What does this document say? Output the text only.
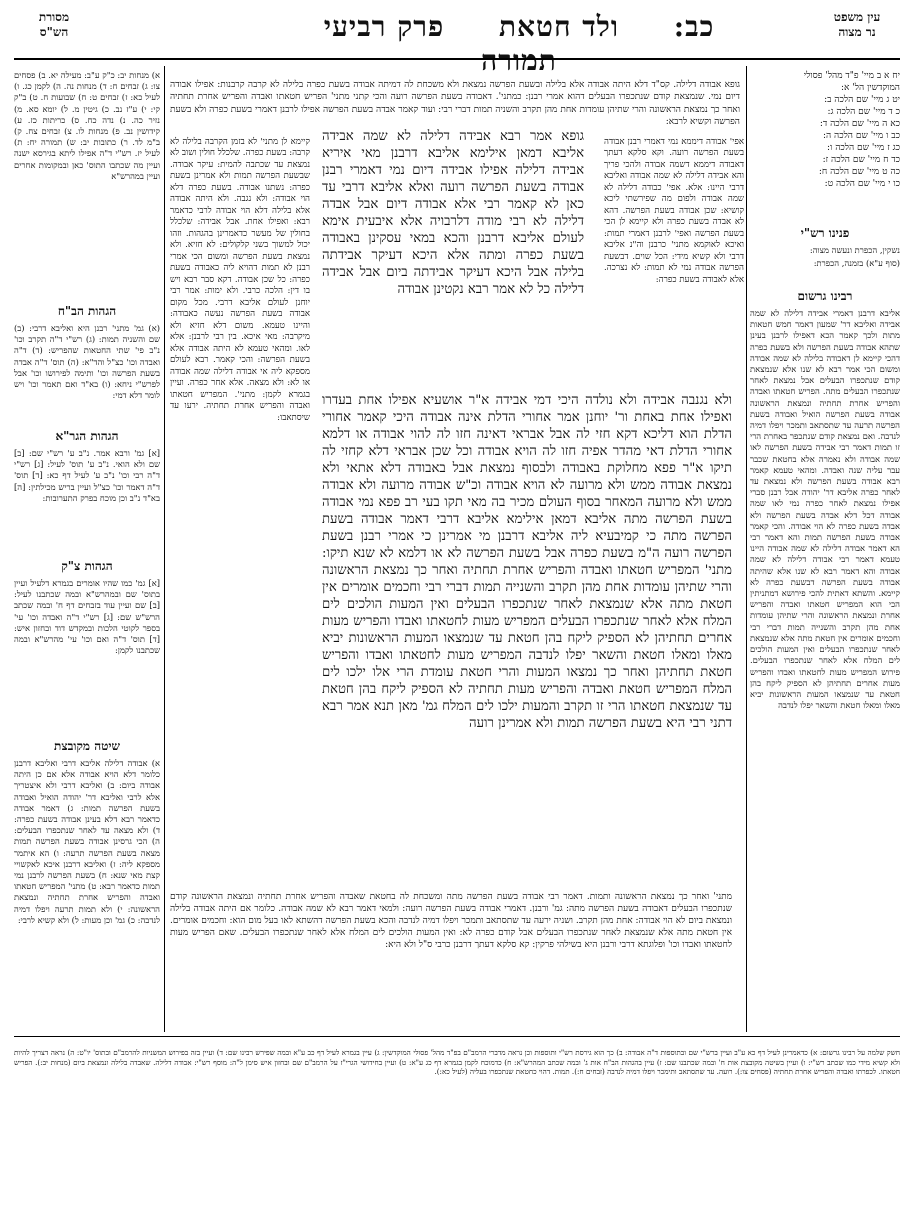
עין משפט
נר מצוה
כב: ולד חטאת פרק רביעי תמורה
מסורת
הש"ס
יח א ב מיי' פ"ד מהל' פסולי
המוקדשין הל' א:
יט ג מיי' שם הלכה ב:
כ ד מיי' שם הלכה ג:
כא ה מיי' שם הלכה ד:
כב ו מיי' שם הלכה ה:
כג ז מיי' שם הלכה ו:
כד ח מיי' שם הלכה ז:
כה ט מיי' שם הלכה ח:
כו י מיי' שם הלכה ט:
פנינו רש"י

נשקין, הכפרת ונעשה מצוה:

(סוף ע"א) בזמנה, הכפרת:

רבינו גרשום

אליבא דרבנן דאמרי אבידה דלילה לא שמה אבידה ואליבא דר' שמעון דאמר חמש חטאות מתות ולכך קאמר הכא דאפילו לרבנן בעינן שתהא אבודה בשעת הפרשה ולא בשעת כפרה דהכי קיימא לן דאבודה בלילה לא שמה אבודה ומשום הכי אמר רבא לא שנו אלא שנמצאת קודם שנתכפרו הבעלים אבל נמצאת לאחר שנתכפרו הבעלים מתה. הפריש חטאתו ואבדה והפריש אחרת תחתיה ונמצאת הראשונה אבודה בשעת הפרשה הואיל ואבודה בשעת הפרשה תרעה עד שתסתאב ותמכר ויפלו דמיה לנדבה. ואם נמצאת קודם שנתכפר באחרת הרי זו תמות דאמר רבי אבידה בשעת הפרשה לאו שמה אבודה ולא נאמרה אלא בחטאת שכבר עבר עליה שנה ואבדה. ומהאי טעמא קאמר רבא אבודה בשעת הפרשה ולא נמצאת עד לאחר כפרה אליבא דר' יהודה אבל רבנן סברי אפילו נמצאת לאחר כפרה נמי לאו שמה אבודה דכל דלא אבדה בשעת הפרשה ולא אבדה בשעת כפרה לא הוי אבודה. והכי קאמר אבודה בשעת הפרשה תמות והא דאמר רבי הא דאמר אבודה דלילה לא שמה אבודה היינו טעמא דאמר רבי אבודה דלילה לא שמה אבודה והא דאמר רבא לא שנו אלא שהיתה אבודה בשעת הפרשה דבשעת כפרה לא קיימא. והשתא דאתית להכי פירושא דמתניתין הכי הוא המפריש חטאתו ואבדה והפריש אחרת ונמצאת הראשונה והרי שתיהן עומדות אחת מהן תקרב והשנייה תמות דברי רבי וחכמים אומרים אין חטאת מתה אלא שנמצאת לאחר שנתכפרו הבעלים ואין המעות הולכים לים המלח אלא לאחר שנתכפרו הבעלים. פירוש המפריש מעות לחטאתו ואבדו והפריש מעות אחרים תחתיהן לא הספיק ליקח בהן חטאת עד שנמצאו המעות הראשונות יביא מאלו ומאלו חטאת והשאר יפלו לנדבה

א) מנחות יב: כ"ק ע"ב: מעילה יא. ב) פסחים צו: ג) זבחים ח: ד) מנחות נה. ה) לקמן כג. ו) לעיל כא: ז) זבחים ט: ח) שבועות ח. ט) ב"ק קי: י) ע"ז נב. כ) גיטין מ. ל) יומא סא. מ) נזיר כה. נ) נדה כח. ס) כריתות כז. ע) קידושין נב. פ) מנחות לו. צ) זבחים צח. ק) ב"מ לד. ר) כתובות יב: ש) תמורה יח: ת) לעיל יז. רש"י ד"ה אפילו ליתא בגירסא ישנה ועיין מה שכתבו התוס' כאן ובמקומות אחרים ועיין במהרש"א

הגהות הב"ח

(א) גמ' מתני' רבנן היא ואליבא דרבי: (ב) שם והשניה תמות: (ג) רש"י ד"ה תקרב וכו' נ"ב פי' שתי החטאות שהפריש: (ד) ד"ה ואבדה וכו' כצ"ל והד"א: (ה) תוס' ד"ה אבדה בשעת הפרשה וכו' ותימה לפירושו וכו' אבל לפרש"י ניחא: (ו) בא"ד ואם תאמר וכו' ויש לומר דלא דמי:

הגהות הגר"א

[א] גמ' ורבא אמר. נ"ב ע' רש"י שם: [ב] שם ולא הואי. נ"ב ע' תוס' לעיל: [ג] רש"י ד"ה רבי וכו' נ"ב ע' לעיל דף כא: [ד] תוס' ד"ה דאמר וכו' כצ"ל ועיין בריש מכילתין: [ה] בא"ד נ"ב וכן מוכח בפרק התערובות:

הגהות צ"ק

[א] גמ' כמו שהיו אומרים בגמרא דלעיל ועיין בתוס' שם ובמהרש"א ובמה שכתבנו לעיל: [ב] שם ועיין עוד בזבחים דף ח' ובמה שכתב הרש"ש שם: [ג] רש"י ד"ה ואבדה וכו' עי' בספר לקוטי הלכות ובמקדש דוד ובחזון איש: [ד] תוס' ד"ה ואם וכו' עי' מהרש"א ובמה שכתבנו לקמן:

שיטה מקובצת

א) אבודה דלילה אליבא דרבי ואליבא דרבנן כלומר דלא הויא אבודה אלא אם כן היתה אבודה ביום: ב) ואליבא דרבי ולא איצטריך אלא לרבי ואליבא דר' יהודה הואיל ואבודה בשעת הפרשה תמות: ג) דאמר אבודה כדאמר רבא דלא בעינן אבודה בשעת כפרה: ד) ולא מצאה עד לאחר שנתכפרו הבעלים: ה) הכי גרסינן אבודה בשעת הפרשה תמות מצאה בשעת הפרשה תרעה: ו) הא איתמר מספקא ליה: ז) ואליבא דרבנן איכא לאקשויי קצת מאי שנא: ח) בשעת הפרשה לרבנן נמי תמות כדאמר רבא: ט) מתני' המפריש חטאתו ואבדה והפריש אחרת תחתיה ונמצאת הראשונה: י) ולא תמות תרעה ויפלו דמיה לנדבה: כ) גמ' וכן מעות: ל) ולא קשיא לרבי:

גופא אבודה דלילה. קס"ד דלא היתה אבודה אלא בלילה ובשעת הפרשה נמצאת ולא משכחת לה דמיתה אבודה בשעת כפרה בלילה לא קרבה קרבנות: אפילו אבודה דיום נמי. שנמצאת קודם שנתכפרו הבעלים דהוא אמרי רבנן: כמתני'. דאבודה בשעת הפרשה רועה והכי קתני מתני' הפריש חטאתו ואבדה והפריש אחרת תחתיה ואחר כך נמצאת הראשונה והרי שתיהן עומדות אחת מהן תקרב והשניה תמות דברי רבי: ועוד קאמר אבדה בשעת הפרשה אפילו לרבנן דאמרי בשעת כפרה ולא בשעת הפרשה וקשיא לרבא:

אפי' אבודה דיממא נמי דאמרי רבנן אבודה בשעת הפרשה רועה. וקא סלקא דעתך דאבודה דיממא דשמה אבודה ולהכי פריך והא אבידה דלילה לא שמה אבודה ואליבא דרבי היינו: אלא. אפי' כבודה דלילה לא שמה אבודה ולפום מה שפירשתי ליכא קושיא: שכן אבודה בשעת הפרשה. דהא לא אבדה בשעת כפרה ולא קיימא לן הכי בשעת הפרשה ואפי' לרבנן דאמרי תמות: ואיכא לאוקמא מתני' כרבנן וה"נ אליבא דרבי ולא קשיא מידי: הכל שוים. דבשעת הפרשה אבודה נמי לא תמות: לא נצרכה. אלא לאבודה בשעת כפרה:

קיימא לן מתני' לא בזמן הקרבה בלילה לא קרבה: בשעת כפרה. שלכלל חולין ושוב לא נמצאת עד שכתבה להמית: עיקר אבודה. שבשעת הפרשה תמות ולא אמרינן בשעת כפרה: נשתנו אבודה. בשעת כפרה דלא הוי אבודה: ולא נגבה. ולא היתה אבודה אלא בלילה דלא הוי אבודה לרבי כדאמר רבא: ואפילו אחת. אבל אבידה: שלכלל בחולין של מעשר כדאמרינן בהגהות. וזהו יכול למשוך בשני קלקולים: לא חזיא. ולא נמצאת בשעת הפרשה ומשום הכי אמרי רבנן לא תמות דהויא ליה כאבודה בשעת כפרה: כל שכן אבודה. דקא סבר רבא ויש בו דין: הלכה כרבי. ולא ימות: אמר רבי יוחנן לעולם אליבא דרבי. מכל מקום אבודה בשעת הפרשה נעשה כאבודה: והיינו טעמא. משום דלא חזיא ולא מיקרבה: מאי איכא. בין רבי לרבנן: אלא לאו. ומהאי טעמא לא היתה אבודה אלא בשעת הפרשה: והכי קאמר. רבא לעולם מספקא ליה אי אבודה דלילה שמה אבודה או לא: ולא מצאה. אלא אחר כפרה. ועיין בגמרא לקמן: מתני'. המפריש חטאתו ואבדה והפריש אחרת תחתיה. ירעו עד שיסתאבו:

גופא אמר רבא אבידה דלילה לא שמה אבידה אליבא דמאן אילימא אליבא דרבנן מאי איריא אבידה דלילה אפילו אבידה דיום נמי דאמרי רבנן אבודה בשעת הפרשה רועה ואלא אליבא דרבי עד כאן לא קאמר רבי אלא אבודה דיום אבל אבדה דלילה לא רבי מודה דלרבויה אלא איבעית אימא לעולם אליבא דרבנן והכא במאי עסקינן באבודה בשעת כפרה ומתה אלא היכא דעיקר אבידתה בלילה אבל היכא דעיקר אבידתה ביום אבל אבידה דלילה כל לא אמר רבא נקטינן אבודה

ולא נגנבה אבידה ולא נולדה היכי דמי אבידה א"ר אושעיא אפילו אחת בעדרו ואפילו אחת באחת ור' יוחנן אמר אחורי הדלת אינה אבודה היכי קאמר אחורי הדלת הוא דליכא דקא חזי לה אבל אבראי דאינה חזו לה להוי אבודה או דלמא אחורי הדלת דאי מהדר אפיה חזו לה הויא אבודה וכל שכן אבראי דלא קחזי לה תיקו א"ר פפא מחלוקת באבודה ולבסוף נמצאת אבל באבודה דלא אתאי ולא נמצאת אבודה ממש ולא מרועה לא הויא אבודה וכ"ש אבודה מרועה ולא אבודה ממש ולא מרועה המאחר בסוף העולם מכיר בה מאי תקו בעי רב פפא נמי אבודה בשעת הפרשה מתה אליבא דמאן אילימא אליבא דרבי דאמר אבודה בשעת הפרשה מתה כי קמיבעיא ליה אליבא דרבנן מי אמרינן כי אמרי רבנן בשעת הפרשה רועה ה"מ בשעת כפרה אבל בשעת הפרשה לא או דלמא לא שנא תיקו: מתני' המפריש חטאתו ואבדה והפריש אחרת תחתיה ואחר כך נמצאת הראשונה והרי שתיהן עומדות אחת מהן תקרב והשנייה תמות דברי רבי וחכמים אומרים אין חטאת מתה אלא שנמצאת לאחר שנתכפרו הבעלים ואין המעות הולכים לים המלח אלא לאחר שנתכפרו הבעלים המפריש מעות לחטאתו ואבדו והפריש מעות אחרים תחתיהן לא הספיק ליקח בהן חטאת עד שנמצאו המעות הראשונות יביא מאלו ומאלו חטאת והשאר יפלו לנדבה המפריש מעות לחטאתו ואבדו והפריש חטאת תחתיהן ואחר כך נמצאו המעות והרי חטאת עומדת הרי אלו ילכו לים המלח המפריש חטאת ואבדה והפריש מעות תחתיה לא הספיק ליקח בהן חטאת עד שנמצאת חטאתו הרי זו תקרב והמעות ילכו לים המלח גמ' מאן תנא אמר רבא דתני רבי היא בשעת הפרשה תמות ולא אמרינן רועה

מתני' ואחר כך נמצאת הראשונה ותמות. דאמר רבי אבודה בשעת הפרשה מתה ומשכחת לה בחטאת שאבדה והפריש אחרת תחתיה ונמצאת הראשונה קודם שנתכפרו הבעלים דאבודה בשעת הפרשה מתה: גמ' ורבנן. דאמרי אבודה בשעת הפרשה רועה: ולמאי דאמר רבא לא שמה אבודה. כלומר אם היתה אבודה בלילה ונמצאת ביום לא הוי אבודה: אחת מהן תקרב. ושניה ירעה עד שתסתאב ותמכר ויפלו דמיה לנדבה והכא בשעת הפרשה דהשתא לאו בעל מום הוא: וחכמים אומרים. אין חטאת מתה אלא שנמצאת לאחר שנתכפרו הבעלים אבל קודם כפרה לא: ואין המעות הולכים לים המלח אלא לאחר שנתכפרו הבעלים. שאם הפריש מעות לחטאתו ואבדו וכו' ופלוגתא דרבי ורבנן היא בשילהי פרקין: קא סלקא דעתך דרבנן כרבי ס"ל ולא היא:

חשק שלמה על רבינו גרשום: א) כדאמרינן לעיל דף כא ע"ב ועיין ברש"י שם ובתוספות ד"ה אבודה: ב) כך הוא גירסת רש"י ותוספות וכן נראה מדברי הרמב"ם בפ"ד מהל' פסולי המוקדשין: ג) עיין בגמרא לעיל דף כב ע"א ובמה שפירש רבינו שם: ד) ועיין בזה בפירוש המשניות להרמב"ם ובתוס' יו"ט: ה) נראה דצריך להיות ולא קשיא מידי כמו שכתב רש"י: ו) ועיין בשיטה מקובצת אות ח' ובמה שכתבנו שם: ז) עיין בהגהות הב"ח אות ג' ובמה שכתב המהרש"א: ח) כדמוכח לקמן בגמרא דף כג ע"א: ט) ועיין בחידושי הגרי"ז על הרמב"ם שם ובחזון איש סימן ל"ה: מוסף רש"י: אבודה דלילה. שאבדה בלילה ונמצאת ביום (מנחות יב:). הפריש חטאתו. לכפרתו ואבדה והפריש אחרת תחתיה (פסחים צו:). רועה. עד שתסתאב ותימכר ויפלו דמיה לנדבה (זבחים ח:). תמות. דהוי כחטאת שנתכפרו בעליה (לעיל כא:).
